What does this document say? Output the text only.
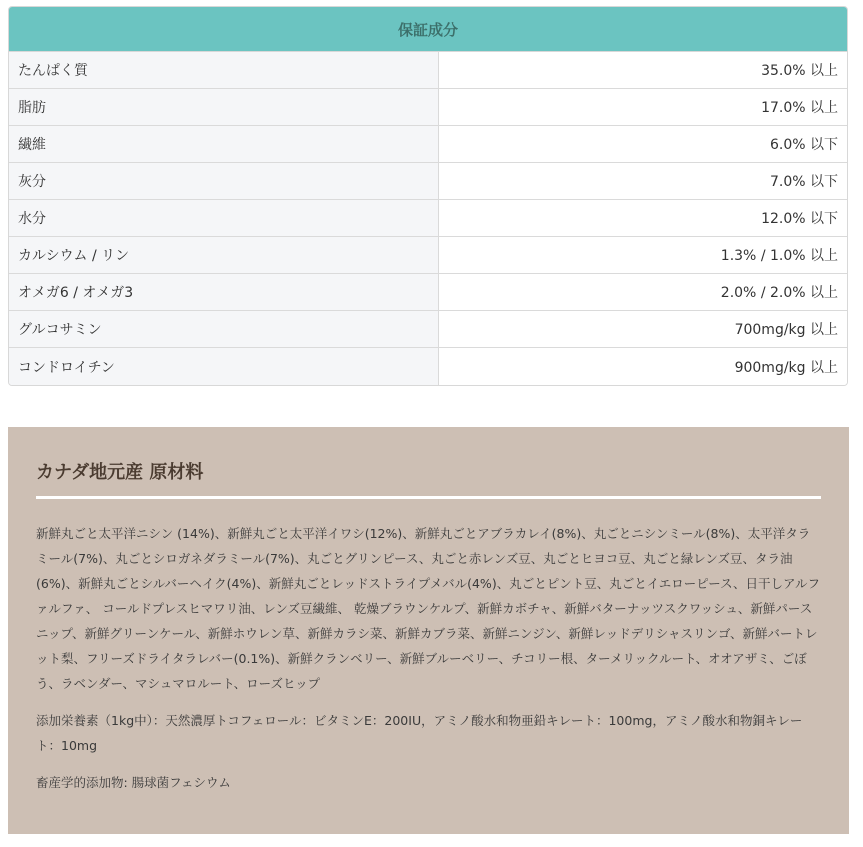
保証成分
たんぱく質	35.0% 以上
脂肪	17.0% 以上
繊維	6.0% 以下
灰分	7.0% 以下
水分	12.0% 以下
カルシウム / リン	1.3% / 1.0% 以上
オメガ6 / オメガ3	2.0% / 2.0% 以上
グルコサミン	700mg/kg 以上
コンドロイチン	900mg/kg 以上
カナダ地元産 原材料
新鮮丸ごと太平洋ニシン (14%)、新鮮丸ごと太平洋イワシ(12%)、新鮮丸ごとアブラカレイ(8%)、丸ごとニシンミール(8%)、太平洋タラミール(7%)、丸ごとシロガネダラミール(7%)、丸ごとグリンピース、丸ごと赤レンズ豆、丸ごとヒヨコ豆、丸ごと緑レンズ豆、タラ油(6%)、新鮮丸ごとシルバーヘイク(4%)、新鮮丸ごとレッドストライプメバル(4%)、丸ごとピント豆、丸ごとイエローピース、日干しアルファルファ、 コールドプレスヒマワリ油、レンズ豆繊維、 乾燥ブラウンケルプ、新鮮カボチャ、新鮮バターナッツスクワッシュ、新鮮パースニップ、新鮮グリーンケール、新鮮ホウレン草、新鮮カラシ菜、新鮮カブラ菜、新鮮ニンジン、新鮮レッドデリシャスリンゴ、新鮮バートレット梨、フリーズドライタラレバー(0.1%)、新鮮クランベリー、新鮮ブルーベリー、チコリー根、ターメリックルート、オオアザミ、ごぼう、ラベンダー、マシュマロルート、ローズヒップ
添加栄養素（1kg中）：天然濃厚トコフェロール：ビタミンE：200IU，アミノ酸水和物亜鉛キレート：100mg，アミノ酸水和物銅キレート：10mg
畜産学的添加物: 腸球菌フェシウム
